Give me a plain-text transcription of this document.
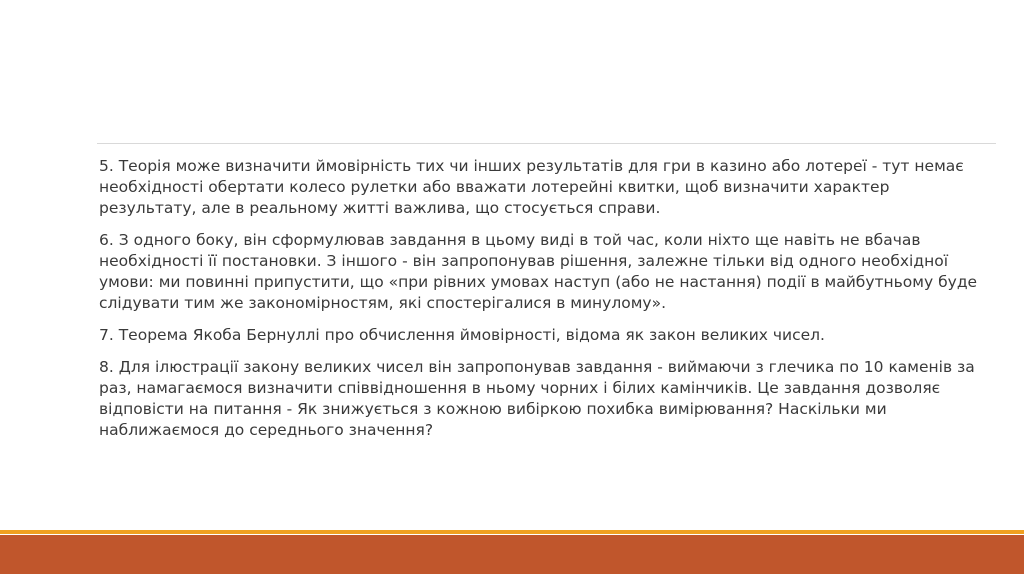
5. Теорія може визначити ймовірність тих чи інших результатів для гри в казино або лотереї - тут немає необхідності обертати колесо рулетки або вважати лотерейні квитки, щоб визначити характер результату, але в реальному житті важлива, що стосується справи.

6. З одного боку, він сформулював завдання в цьому виді в той час, коли ніхто ще навіть не вбачав необхідності її постановки. З іншого - він запропонував рішення, залежне тільки від одного необхідної умови: ми повинні припустити, що «при рівних умовах наступ (або не настання) події в майбутньому буде слідувати тим же закономірностям, які спостерігалися в минулому».

7. Теорема Якоба Бернуллі про обчислення ймовірності, відома як закон великих чисел.

8. Для ілюстрації закону великих чисел він запропонував завдання - виймаючи з глечика по 10 каменів за раз, намагаємося визначити співвідношення в ньому чорних і білих камінчиків. Це завдання дозволяє відповісти на питання - Як знижується з кожною вибіркою похибка вимірювання? Наскільки ми наближаємося до середнього значення?
